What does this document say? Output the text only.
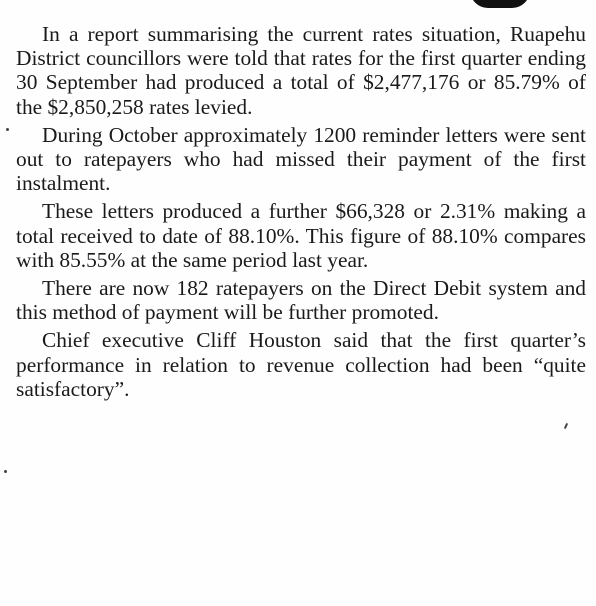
In a report summarising the current rates situation, Ruapehu District councillors were told that rates for the first quarter ending 30 September had produced a total of $2,477,176 or 85.79% of the $2,850,258 rates levied.

During October approximately 1200 reminder letters were sent out to ratepayers who had missed their payment of the first instalment.

These letters produced a further $66,328 or 2.31% making a total received to date of 88.10%. This figure of 88.10% compares with 85.55% at the same period last year.

There are now 182 ratepayers on the Direct Debit system and this method of payment will be further promoted.

Chief executive Cliff Houston said that the first quarter’s performance in relation to revenue collection had been “quite satisfactory”.
